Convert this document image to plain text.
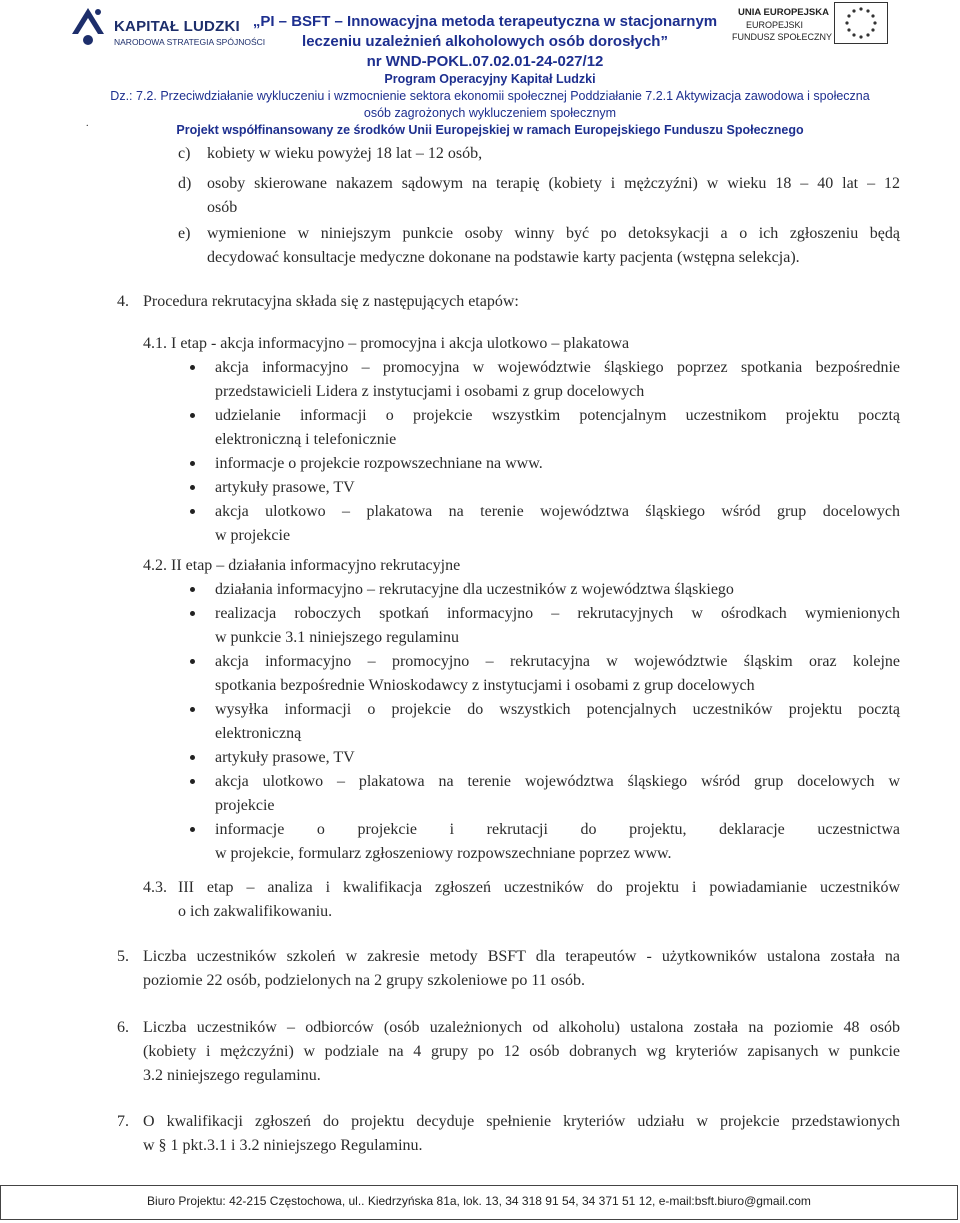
KAPITAŁ LUDZKI
NARODOWA STRATEGIA SPÓJNOŚCI
„PI – BSFT – Innowacyjna metoda terapeutyczna w stacjonarnym
leczeniu uzależnień alkoholowych osób dorosłych”
nr WND-POKL.07.02.01-24-027/12
UNIA EUROPEJSKA
EUROPEJSKI
FUNDUSZ SPOŁECZNY
Program Operacyjny Kapitał Ludzki
Dz.: 7.2. Przeciwdziałanie wykluczeniu i wzmocnienie sektora ekonomii społecznej Poddziałanie 7.2.1 Aktywizacja zawodowa i społeczna
osób zagrożonych wykluczeniem społecznym
Projekt współfinansowany ze środków Unii Europejskiej w ramach Europejskiego Funduszu Społecznego
.
c) kobiety w wieku powyżej 18 lat – 12 osób,
d) osoby skierowane nakazem sądowym na terapię (kobiety i mężczyźni) w wieku 18 – 40 lat – 12
osób
e) wymienione w niniejszym punkcie osoby winny być po detoksykacji a o ich zgłoszeniu będą
decydować konsultacje medyczne dokonane na podstawie karty pacjenta (wstępna selekcja).
4. Procedura rekrutacyjna składa się z następujących etapów:
4.1. I etap - akcja informacyjno – promocyjna i akcja ulotkowo – plakatowa
akcja informacyjno – promocyjna w województwie śląskiego poprzez spotkania bezpośrednie
przedstawicieli Lidera z instytucjami i osobami z grup docelowych
udzielanie informacji o projekcie wszystkim potencjalnym uczestnikom projektu pocztą
elektroniczną i telefonicznie
informacje o projekcie rozpowszechniane na www.
artykuły prasowe, TV
akcja ulotkowo – plakatowa na terenie województwa śląskiego wśród grup docelowych
w projekcie
4.2. II etap – działania informacyjno rekrutacyjne
działania informacyjno – rekrutacyjne dla uczestników z województwa śląskiego
realizacja roboczych spotkań informacyjno – rekrutacyjnych w ośrodkach wymienionych
w punkcie 3.1 niniejszego regulaminu
akcja informacyjno – promocyjno – rekrutacyjna w województwie śląskim oraz kolejne
spotkania bezpośrednie Wnioskodawcy z instytucjami i osobami z grup docelowych
wysyłka informacji o projekcie do wszystkich potencjalnych uczestników projektu pocztą
elektroniczną
artykuły prasowe, TV
akcja ulotkowo – plakatowa na terenie województwa śląskiego wśród grup docelowych w
projekcie
informacje o projekcie i rekrutacji do projektu, deklaracje uczestnictwa
w projekcie, formularz zgłoszeniowy rozpowszechniane poprzez www.
4.3. III etap – analiza i kwalifikacja zgłoszeń uczestników do projektu i powiadamianie uczestników
o ich zakwalifikowaniu.
5. Liczba uczestników szkoleń w zakresie metody BSFT dla terapeutów - użytkowników ustalona została na
poziomie 22 osób, podzielonych na 2 grupy szkoleniowe po 11 osób.
6. Liczba uczestników – odbiorców (osób uzależnionych od alkoholu) ustalona została na poziomie 48 osób
(kobiety i mężczyźni) w podziale na 4 grupy po 12 osób dobranych wg kryteriów zapisanych w punkcie
3.2 niniejszego regulaminu.
7. O kwalifikacji zgłoszeń do projektu decyduje spełnienie kryteriów udziału w projekcie przedstawionych
w § 1 pkt.3.1 i 3.2 niniejszego Regulaminu.
Biuro Projektu: 42-215 Częstochowa, ul.. Kiedrzyńska 81a, lok. 13, 34 318 91 54, 34 371 51 12, e-mail:bsft.biuro@gmail.com
